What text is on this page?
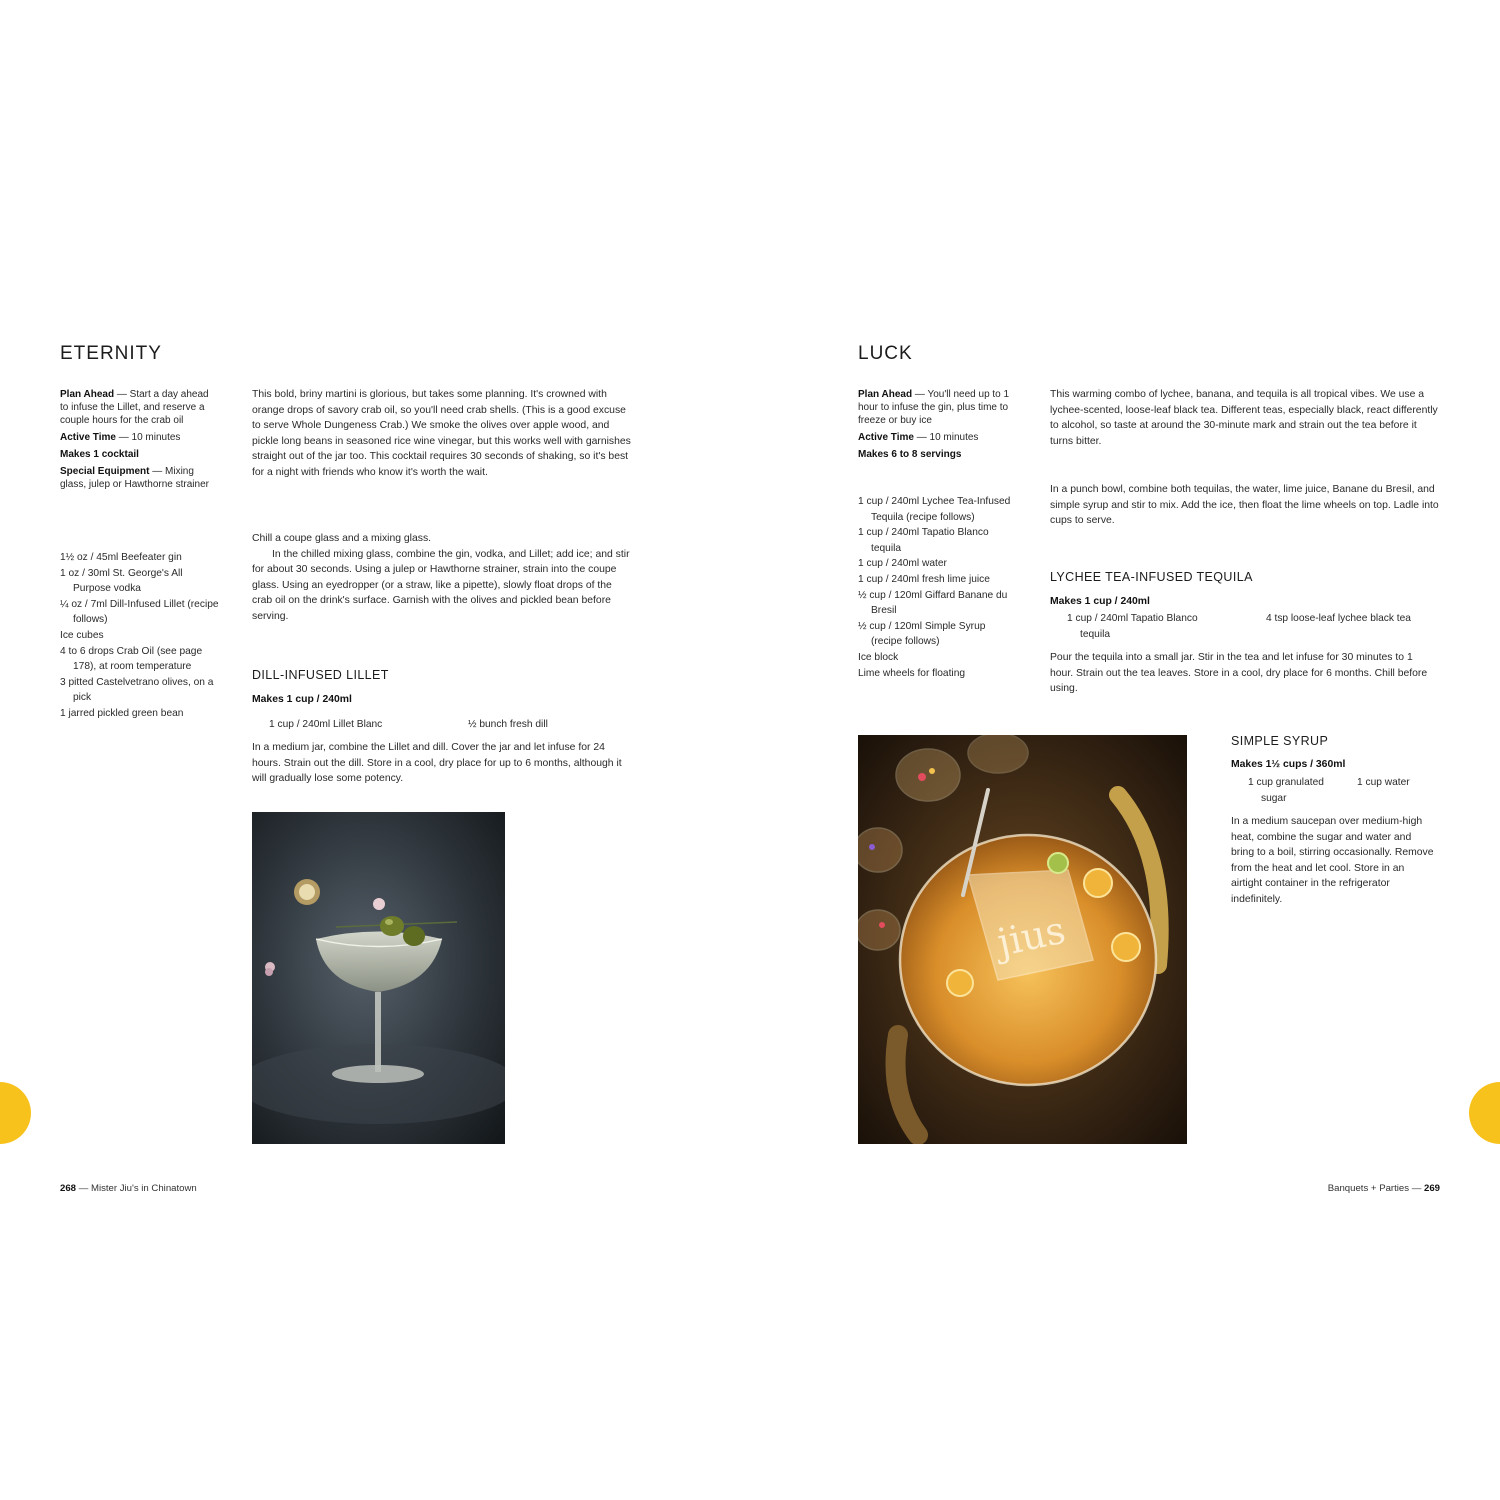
ETERNITY

Plan Ahead — Start a day ahead to infuse the Lillet, and reserve a couple hours for the crab oil

Active Time — 10 minutes

Makes 1 cocktail

Special Equipment — Mixing glass, julep or Hawthorne strainer

This bold, briny martini is glorious, but takes some planning. It's crowned with orange drops of savory crab oil, so you'll need crab shells. (This is a good excuse to serve Whole Dungeness Crab.) We smoke the olives over apple wood, and pickle long beans in seasoned rice wine vinegar, but this works well with garnishes straight out of the jar too. This cocktail requires 30 seconds of shaking, so it's best for a night with friends who know it's worth the wait.
1½ oz / 45ml Beefeater gin
1 oz / 30ml St. George's All Purpose vodka
¼ oz / 7ml Dill-Infused Lillet (recipe follows)
Ice cubes
4 to 6 drops Crab Oil (see page 178), at room temperature
3 pitted Castelvetrano olives, on a pick
1 jarred pickled green bean

Chill a coupe glass and a mixing glass.

In the chilled mixing glass, combine the gin, vodka, and Lillet; add ice; and stir for about 30 seconds. Using a julep or Hawthorne strainer, strain into the coupe glass. Using an eyedropper (or a straw, like a pipette), slowly float drops of the crab oil on the drink's surface. Garnish with the olives and pickled bean before serving.

DILL-INFUSED LILLET
Makes 1 cup / 240ml
1 cup / 240ml Lillet Blanc	½ bunch fresh dill
In a medium jar, combine the Lillet and dill. Cover the jar and let infuse for 24 hours. Strain out the dill. Store in a cool, dry place for up to 6 months, although it will gradually lose some potency.
268 — Mister Jiu's in Chinatown
LUCK

Plan Ahead — You'll need up to 1 hour to infuse the gin, plus time to freeze or buy ice

Active Time — 10 minutes

Makes 6 to 8 servings

This warming combo of lychee, banana, and tequila is all tropical vibes. We use a lychee-scented, loose-leaf black tea. Different teas, especially black, react differently to alcohol, so taste at around the 30-minute mark and strain out the tea before it turns bitter.
1 cup / 240ml Lychee Tea-Infused Tequila (recipe follows)
1 cup / 240ml Tapatio Blanco tequila
1 cup / 240ml water
1 cup / 240ml fresh lime juice
½ cup / 120ml Giffard Banane du Bresil
½ cup / 120ml Simple Syrup (recipe follows)
Ice block
Lime wheels for floating
In a punch bowl, combine both tequilas, the water, lime juice, Banane du Bresil, and simple syrup and stir to mix. Add the ice, then float the lime wheels on top. Ladle into cups to serve.
LYCHEE TEA-INFUSED TEQUILA
Makes 1 cup / 240ml
1 cup / 240ml Tapatio Blanco tequila
4 tsp loose-leaf lychee black tea
Pour the tequila into a small jar. Stir in the tea and let infuse for 30 minutes to 1 hour. Strain out the tea leaves. Store in a cool, dry place for 6 months. Chill before using.
jius
SIMPLE SYRUP
Makes 1½ cups / 360ml
1 cup granulated sugar
1 cup water
In a medium saucepan over medium-high heat, combine the sugar and water and bring to a boil, stirring occasionally. Remove from the heat and let cool. Store in an airtight container in the refrigerator indefinitely.
Banquets + Parties — 269
